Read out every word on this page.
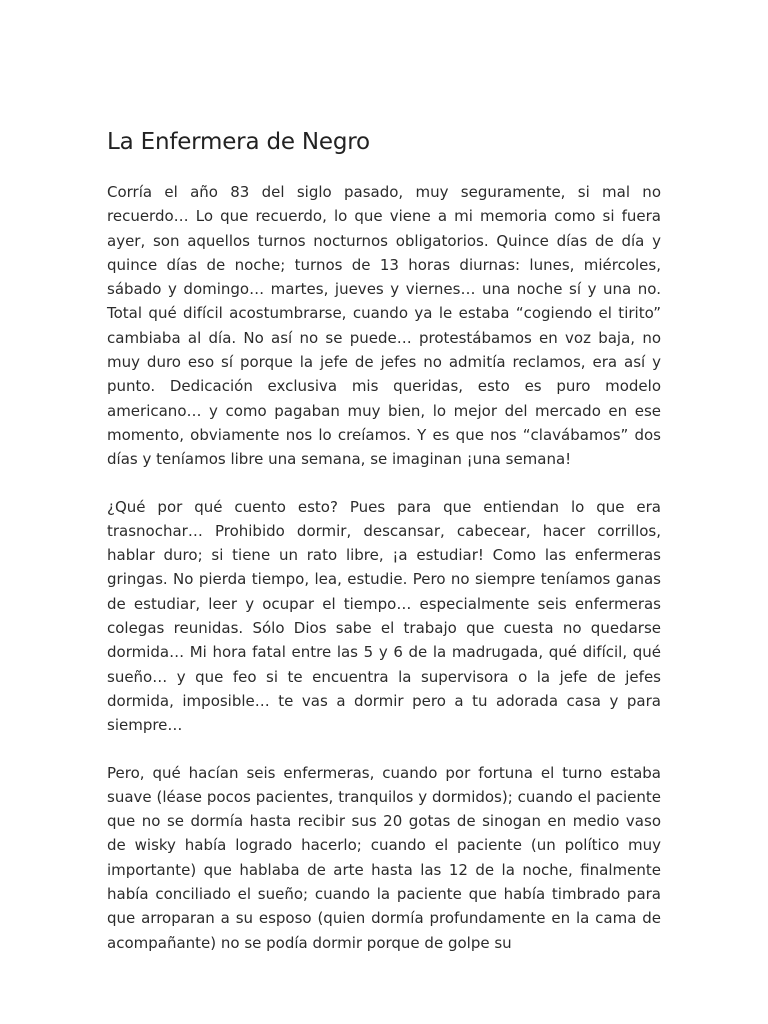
La Enfermera de Negro

Corría el año 83 del siglo pasado, muy seguramente, si mal no recuerdo… Lo que recuerdo, lo que viene a mi memoria como si fuera ayer, son aquellos turnos nocturnos obligatorios. Quince días de día y quince días de noche; turnos de 13 horas diurnas: lunes, miércoles, sábado y domingo… martes, jueves y viernes… una noche sí y una no. Total qué difícil acostumbrarse, cuando ya le estaba “cogiendo el tirito” cambiaba al día. No así no se puede… protestábamos en voz baja, no muy duro eso sí porque la jefe de jefes no admitía reclamos, era así y punto. Dedicación exclusiva mis queridas, esto es puro modelo americano… y como pagaban muy bien, lo mejor del mercado en ese momento, obviamente nos lo creíamos. Y es que nos “clavábamos” dos días y teníamos libre una semana, se imaginan ¡una semana!

¿Qué por qué cuento esto? Pues para que entiendan lo que era trasnochar… Prohibido dormir, descansar, cabecear, hacer corrillos, hablar duro; si tiene un rato libre, ¡a estudiar! Como las enfermeras gringas. No pierda tiempo, lea, estudie. Pero no siempre teníamos ganas de estudiar, leer y ocupar el tiempo… especialmente seis enfermeras colegas reunidas. Sólo Dios sabe el trabajo que cuesta no quedarse dormida… Mi hora fatal entre las 5 y 6 de la madrugada, qué difícil, qué sueño… y que feo si te encuentra la supervisora o la jefe de jefes dormida, imposible… te vas a dormir pero a tu adorada casa y para siempre…

Pero, qué hacían seis enfermeras, cuando por fortuna el turno estaba suave (léase pocos pacientes, tranquilos y dormidos); cuando el paciente que no se dormía hasta recibir sus 20 gotas de sinogan en medio vaso de wisky había logrado hacerlo; cuando el paciente (un político muy importante) que hablaba de arte hasta las 12 de la noche, finalmente había conciliado el sueño; cuando la paciente que había timbrado para que arroparan a su esposo (quien dormía profundamente en la cama de acompañante) no se podía dormir porque de golpe su
